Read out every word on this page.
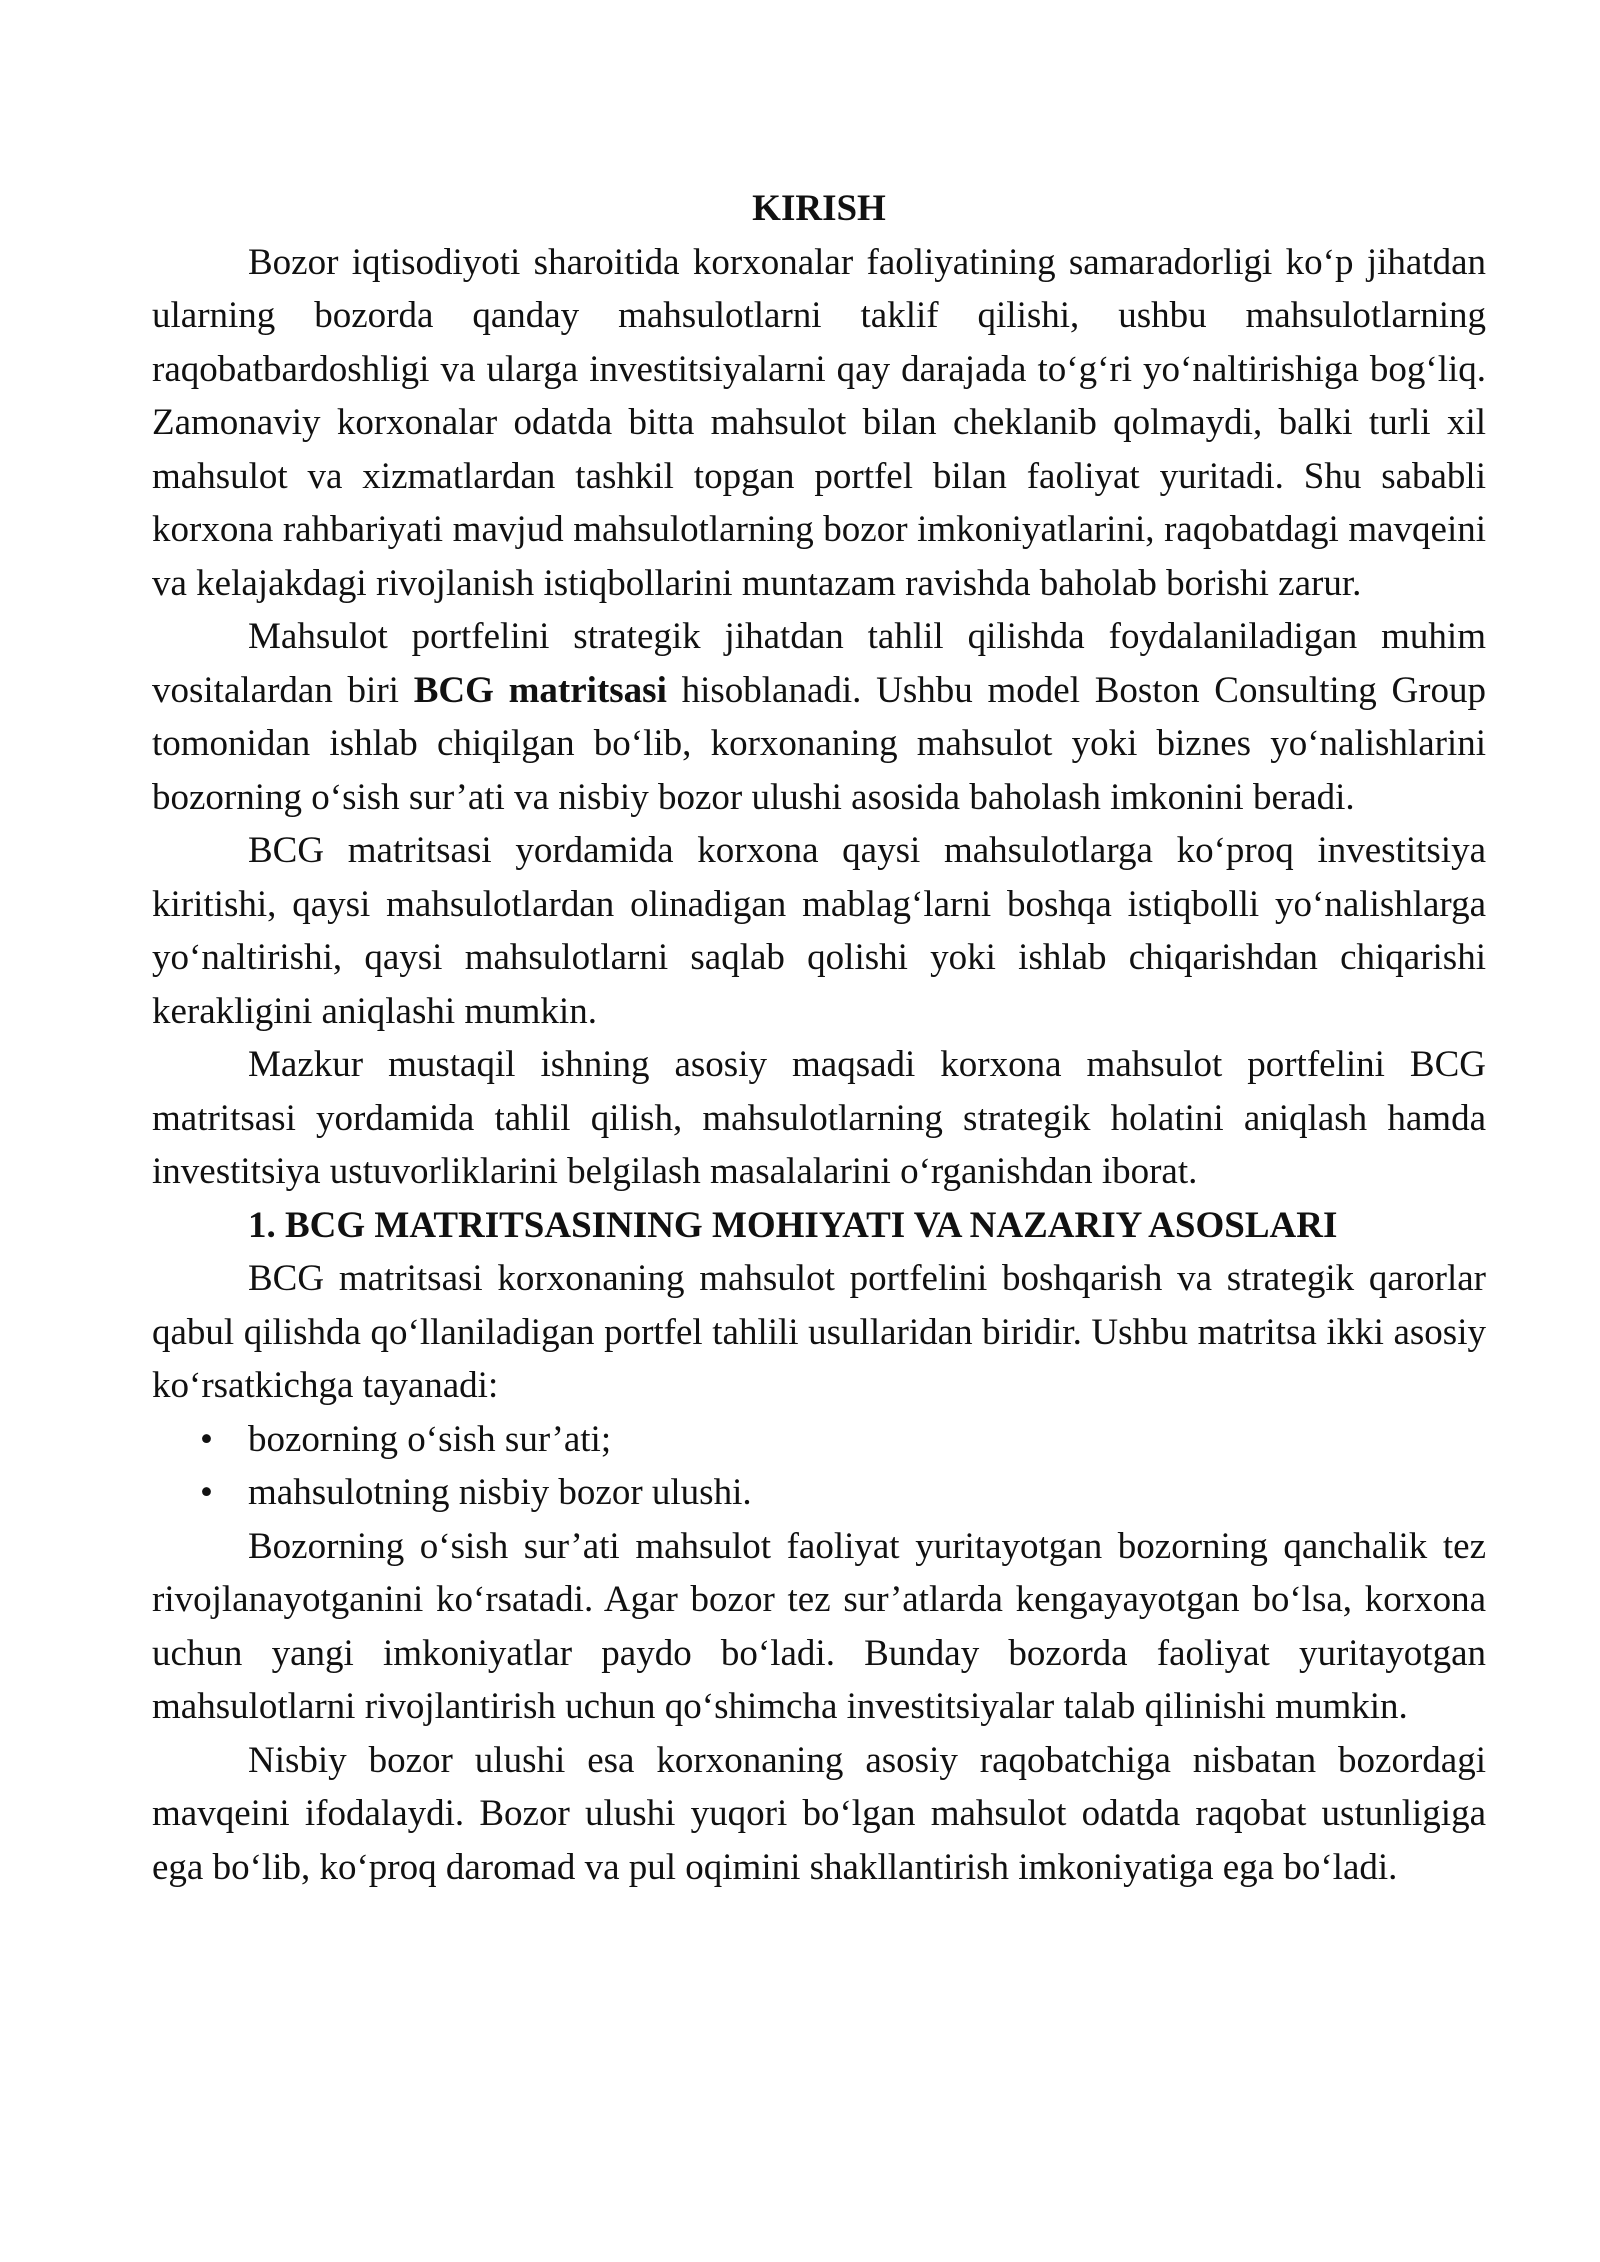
KIRISH

Bozor iqtisodiyoti sharoitida korxonalar faoliyatining samaradorligi ko‘p jihatdan ularning bozorda qanday mahsulotlarni taklif qilishi, ushbu mahsulotlarning raqobatbardoshligi va ularga investitsiyalarni qay darajada to‘g‘ri yo‘naltirishiga bog‘liq. Zamonaviy korxonalar odatda bitta mahsulot bilan cheklanib qolmaydi, balki turli xil mahsulot va xizmatlardan tashkil topgan portfel bilan faoliyat yuritadi. Shu sababli korxona rahbariyati mavjud mahsulotlarning bozor imkoniyatlarini, raqobatdagi mavqeini va kelajakdagi rivojlanish istiqbollarini muntazam ravishda baholab borishi zarur.

Mahsulot portfelini strategik jihatdan tahlil qilishda foydalaniladigan muhim vositalardan biri BCG matritsasi hisoblanadi. Ushbu model Boston Consulting Group tomonidan ishlab chiqilgan bo‘lib, korxonaning mahsulot yoki biznes yo‘nalishlarini bozorning o‘sish sur’ati va nisbiy bozor ulushi asosida baholash imkonini beradi.

BCG matritsasi yordamida korxona qaysi mahsulotlarga ko‘proq investitsiya kiritishi, qaysi mahsulotlardan olinadigan mablag‘larni boshqa istiqbolli yo‘nalishlarga yo‘naltirishi, qaysi mahsulotlarni saqlab qolishi yoki ishlab chiqarishdan chiqarishi kerakligini aniqlashi mumkin.

Mazkur mustaqil ishning asosiy maqsadi korxona mahsulot portfelini BCG matritsasi yordamida tahlil qilish, mahsulotlarning strategik holatini aniqlash hamda investitsiya ustuvorliklarini belgilash masalalarini o‘rganishdan iborat.

1. BCG MATRITSASINING MOHIYATI VA NAZARIY ASOSLARI

BCG matritsasi korxonaning mahsulot portfelini boshqarish va strategik qarorlar qabul qilishda qo‘llaniladigan portfel tahlili usullaridan biridir. Ushbu matritsa ikki asosiy ko‘rsatkichga tayanadi:

• bozorning o‘sish sur’ati;
• mahsulotning nisbiy bozor ulushi.

Bozorning o‘sish sur’ati mahsulot faoliyat yuritayotgan bozorning qanchalik tez rivojlanayotganini ko‘rsatadi. Agar bozor tez sur’atlarda kengayayotgan bo‘lsa, korxona uchun yangi imkoniyatlar paydo bo‘ladi. Bunday bozorda faoliyat yuritayotgan mahsulotlarni rivojlantirish uchun qo‘shimcha investitsiyalar talab qilinishi mumkin.

Nisbiy bozor ulushi esa korxonaning asosiy raqobatchiga nisbatan bozordagi mavqeini ifodalaydi. Bozor ulushi yuqori bo‘lgan mahsulot odatda raqobat ustunligiga ega bo‘lib, ko‘proq daromad va pul oqimini shakllantirish imkoniyatiga ega bo‘ladi.
